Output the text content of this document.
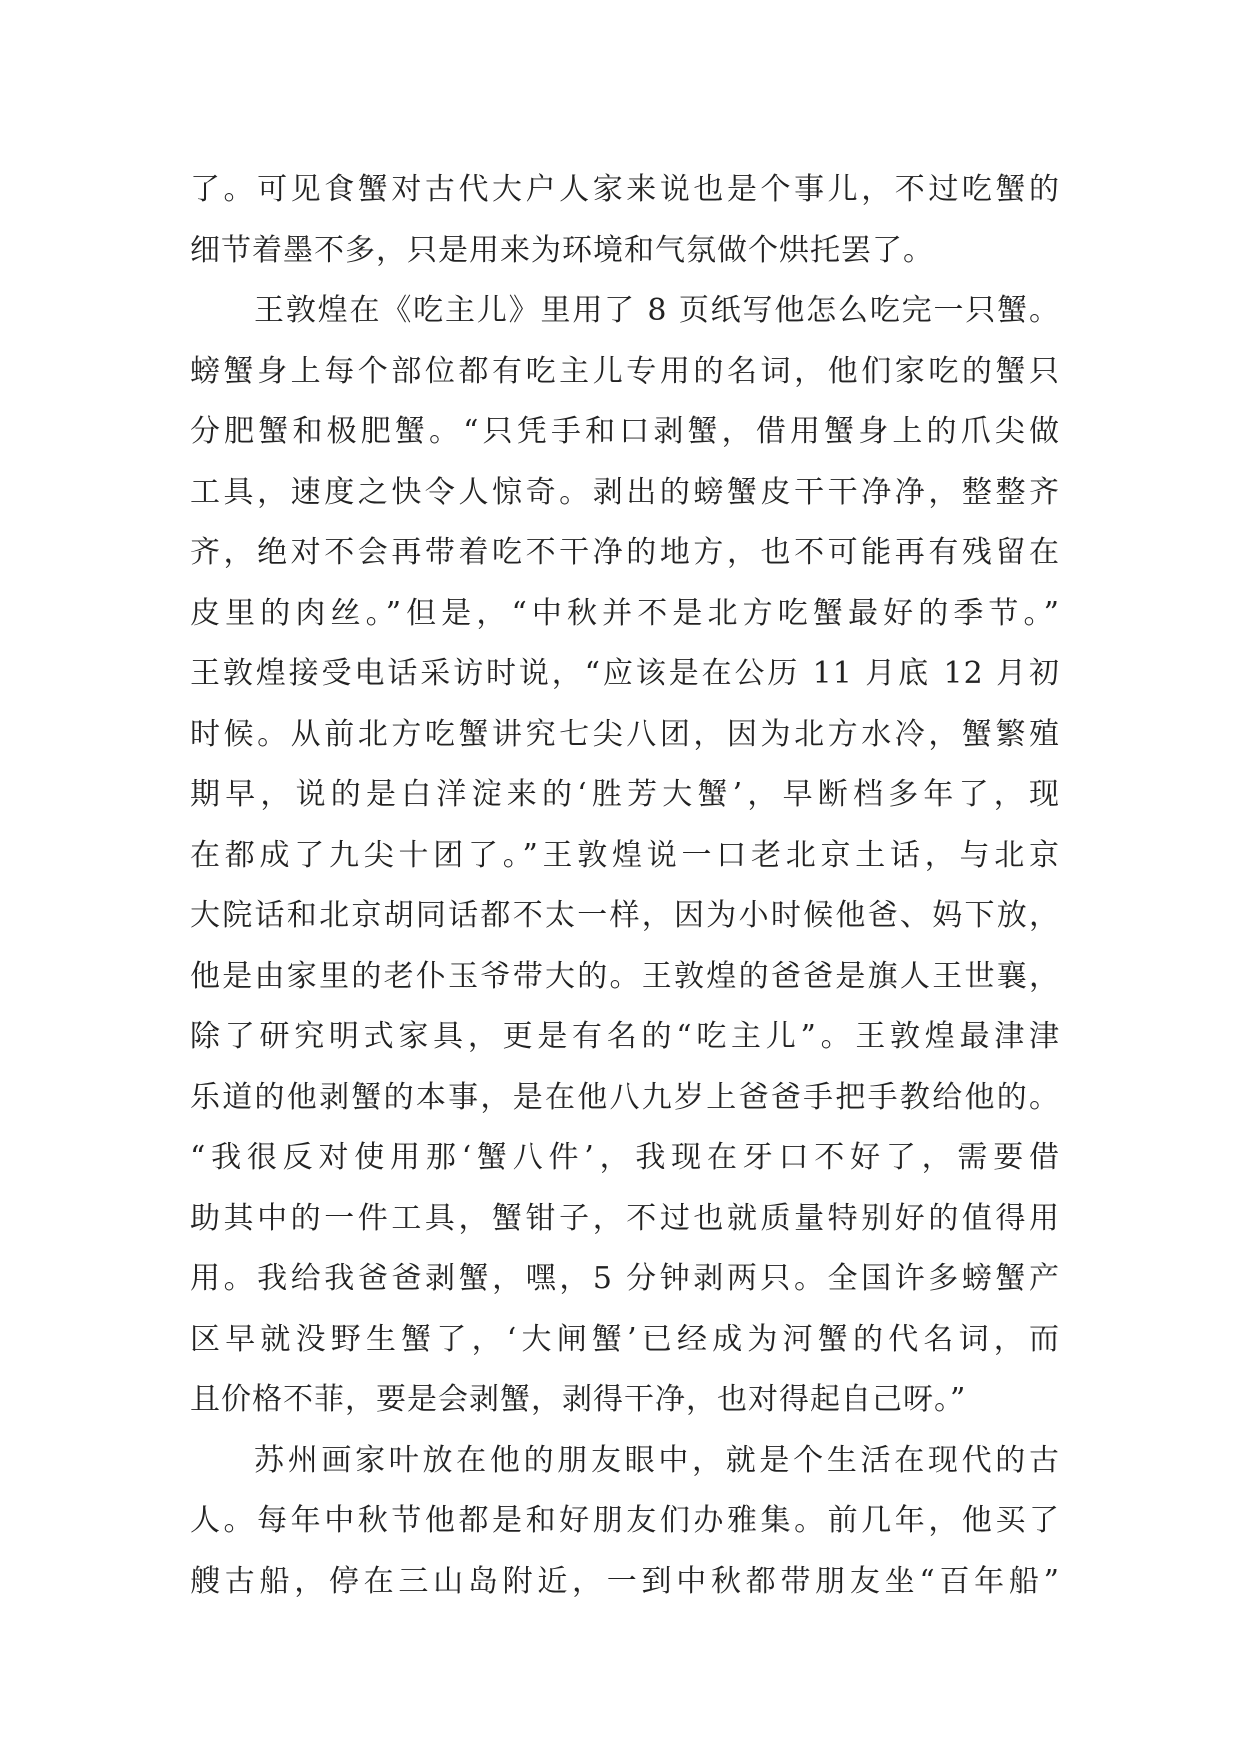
了。可见食蟹对古代大户人家来说也是个事儿，不过吃蟹的
细节着墨不多，只是用来为环境和气氛做个烘托罢了。
王敦煌在《吃主儿》里用了 8 页纸写他怎么吃完一只蟹。
螃蟹身上每个部位都有吃主儿专用的名词，他们家吃的蟹只
分肥蟹和极肥蟹。“只凭手和口剥蟹，借用蟹身上的爪尖做
工具，速度之快令人惊奇。剥出的螃蟹皮干干净净，整整齐
齐，绝对不会再带着吃不干净的地方，也不可能再有残留在
皮里的肉丝。”但是，“中秋并不是北方吃蟹最好的季节。”
王敦煌接受电话采访时说，“应该是在公历 11 月底 12 月初
时候。从前北方吃蟹讲究七尖八团，因为北方水冷，蟹繁殖
期早，说的是白洋淀来的‘胜芳大蟹’，早断档多年了，现
在都成了九尖十团了。”王敦煌说一口老北京土话，与北京
大院话和北京胡同话都不太一样，因为小时候他爸、妈下放，
他是由家里的老仆玉爷带大的。王敦煌的爸爸是旗人王世襄，
除了研究明式家具，更是有名的“吃主儿”。王敦煌最津津
乐道的他剥蟹的本事，是在他八九岁上爸爸手把手教给他的。
“我很反对使用那‘蟹八件’，我现在牙口不好了，需要借
助其中的一件工具，蟹钳子，不过也就质量特别好的值得用
用。我给我爸爸剥蟹，嘿，5 分钟剥两只。全国许多螃蟹产
区早就没野生蟹了，‘大闸蟹’已经成为河蟹的代名词，而
且价格不菲，要是会剥蟹，剥得干净，也对得起自己呀。”
苏州画家叶放在他的朋友眼中，就是个生活在现代的古
人。每年中秋节他都是和好朋友们办雅集。前几年，他买了
艘古船，停在三山岛附近，一到中秋都带朋友坐“百年船”
